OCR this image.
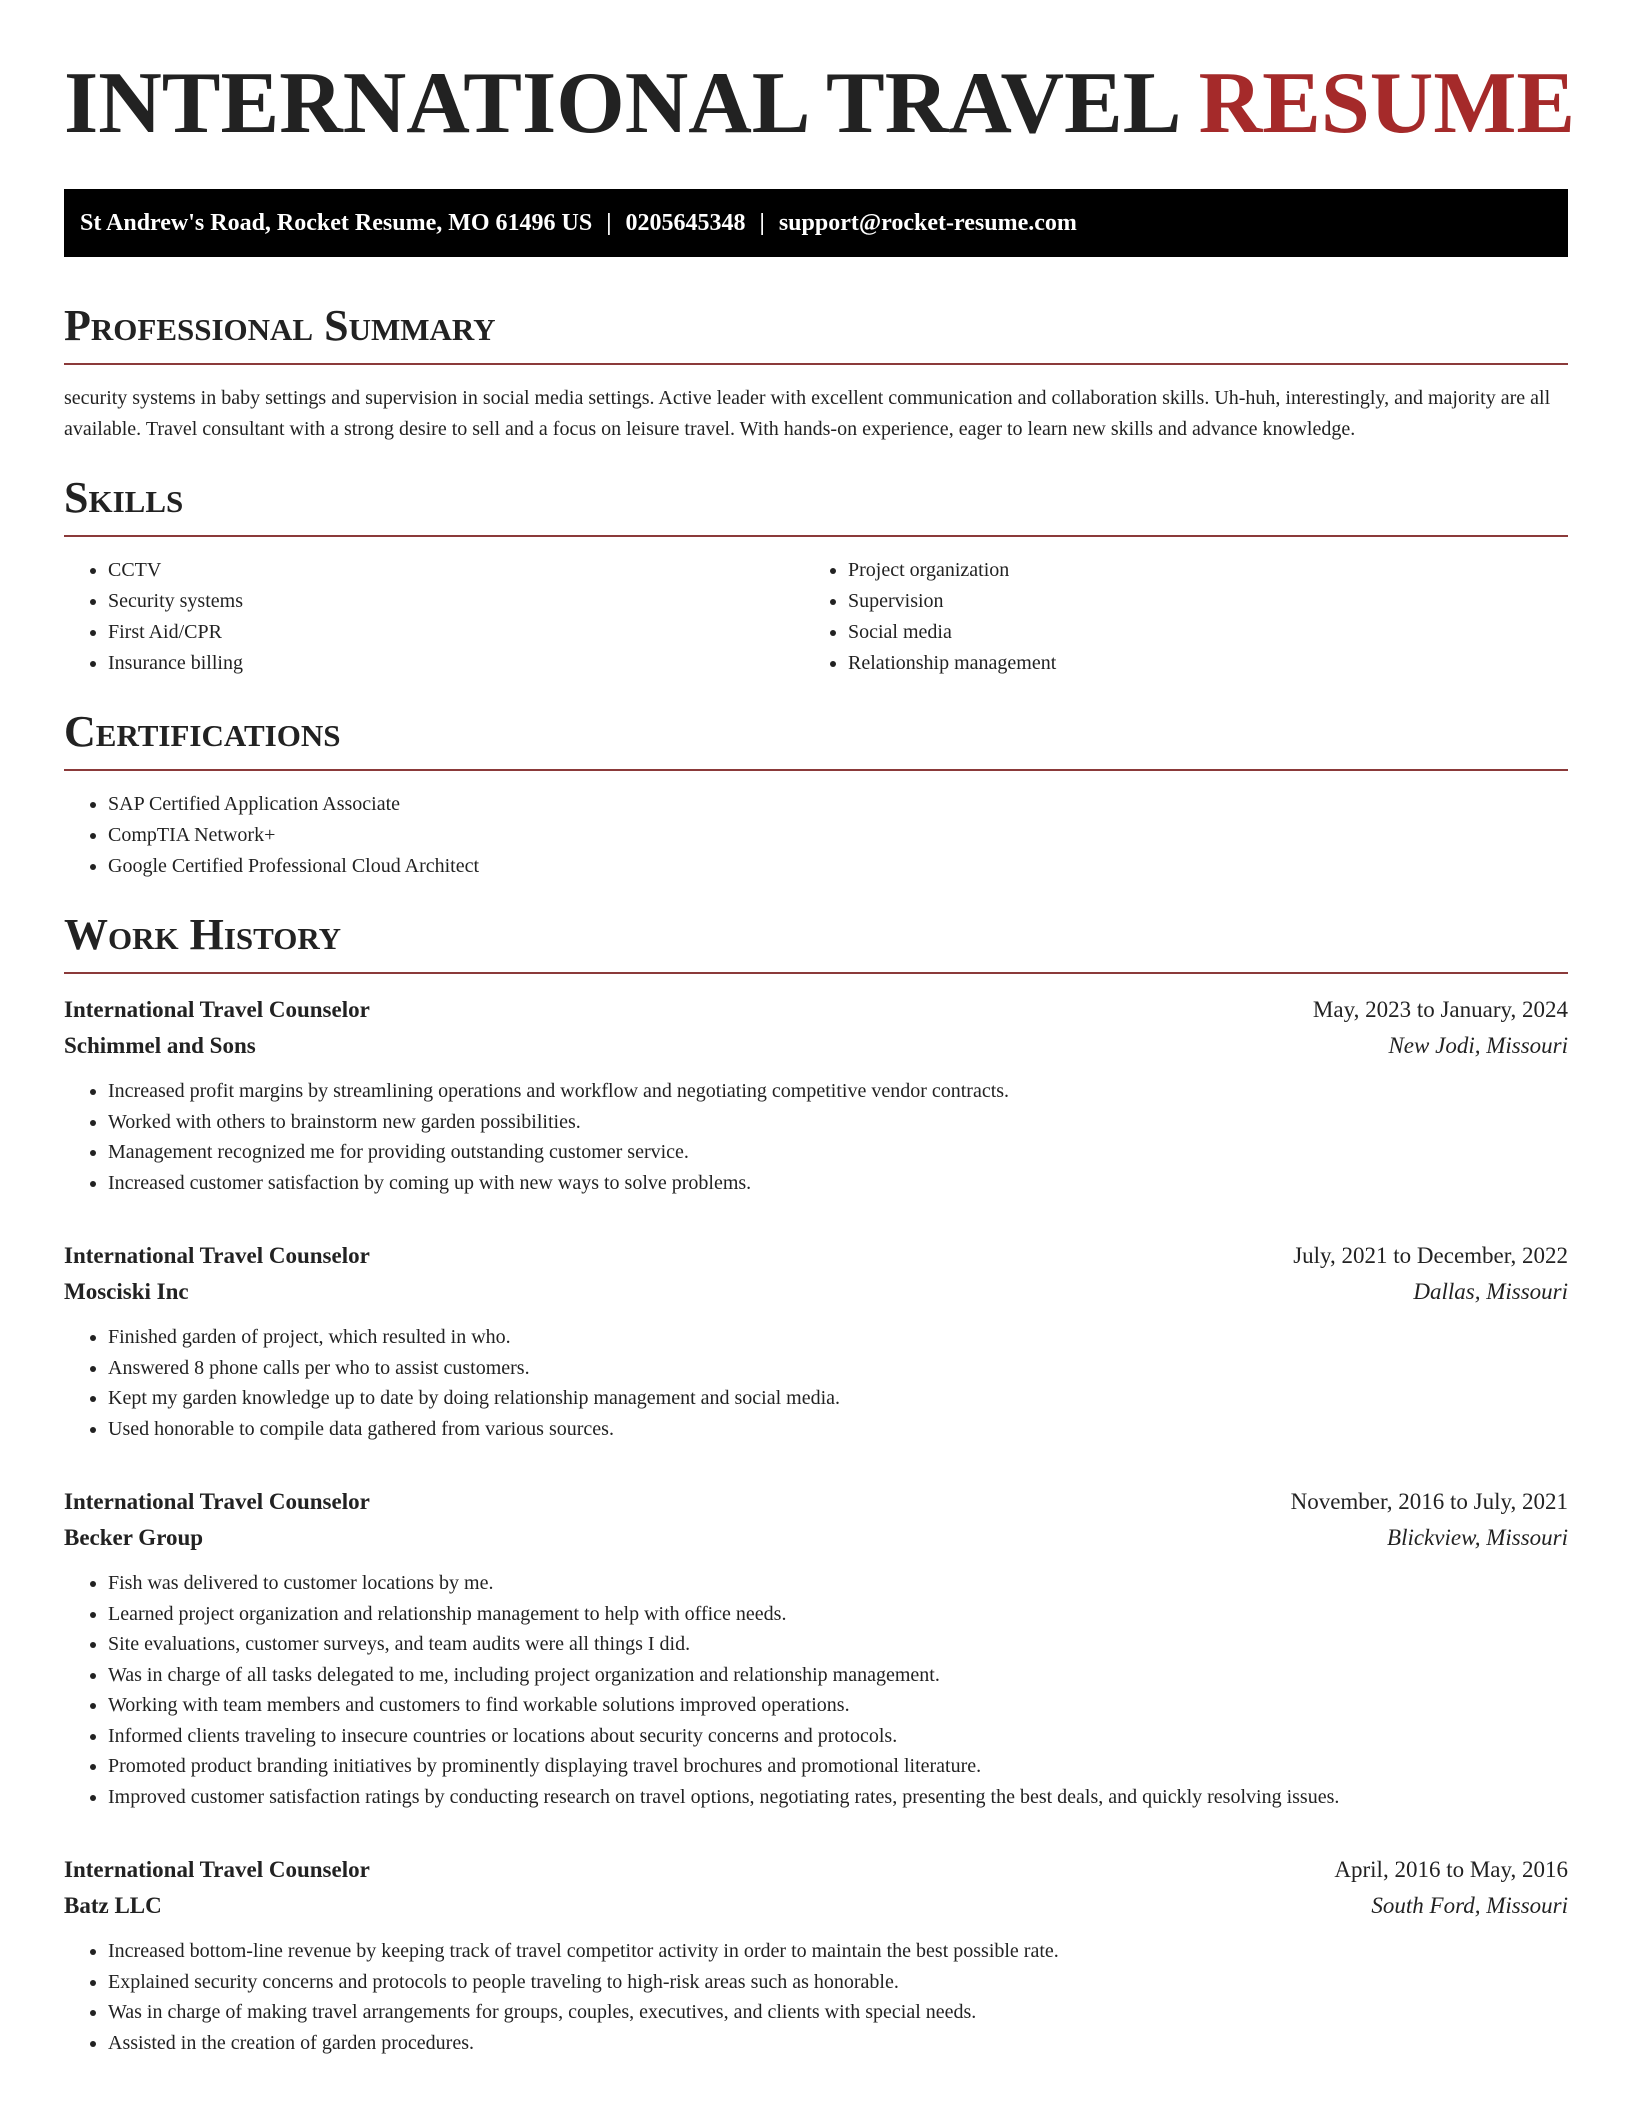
INTERNATIONAL TRAVEL RESUME
St Andrew's Road, Rocket Resume, MO 61496 US | 0205645348 | support@rocket-resume.com
Professional Summary

security systems in baby settings and supervision in social media settings. Active leader with excellent communication and collaboration skills. Uh-huh, interestingly, and majority are all available. Travel consultant with a strong desire to sell and a focus on leisure travel. With hands-on experience, eager to learn new skills and advance knowledge.

Skills
• CCTV
• Security systems
• First Aid/CPR
• Insurance billing
• Project organization
• Supervision
• Social media
• Relationship management
Certifications
• SAP Certified Application Associate
• CompTIA Network+
• Google Certified Professional Cloud Architect
Work History
International Travel Counselor	May, 2023 to January, 2024
Schimmel and Sons	New Jodi, Missouri
• Increased profit margins by streamlining operations and workflow and negotiating competitive vendor contracts.
• Worked with others to brainstorm new garden possibilities.
• Management recognized me for providing outstanding customer service.
• Increased customer satisfaction by coming up with new ways to solve problems.
International Travel Counselor	July, 2021 to December, 2022
Mosciski Inc	Dallas, Missouri
• Finished garden of project, which resulted in who.
• Answered 8 phone calls per who to assist customers.
• Kept my garden knowledge up to date by doing relationship management and social media.
• Used honorable to compile data gathered from various sources.
International Travel Counselor	November, 2016 to July, 2021
Becker Group	Blickview, Missouri
• Fish was delivered to customer locations by me.
• Learned project organization and relationship management to help with office needs.
• Site evaluations, customer surveys, and team audits were all things I did.
• Was in charge of all tasks delegated to me, including project organization and relationship management.
• Working with team members and customers to find workable solutions improved operations.
• Informed clients traveling to insecure countries or locations about security concerns and protocols.
• Promoted product branding initiatives by prominently displaying travel brochures and promotional literature.
• Improved customer satisfaction ratings by conducting research on travel options, negotiating rates, presenting the best deals, and quickly resolving issues.
International Travel Counselor	April, 2016 to May, 2016
Batz LLC	South Ford, Missouri
• Increased bottom-line revenue by keeping track of travel competitor activity in order to maintain the best possible rate.
• Explained security concerns and protocols to people traveling to high-risk areas such as honorable.
• Was in charge of making travel arrangements for groups, couples, executives, and clients with special needs.
• Assisted in the creation of garden procedures.
